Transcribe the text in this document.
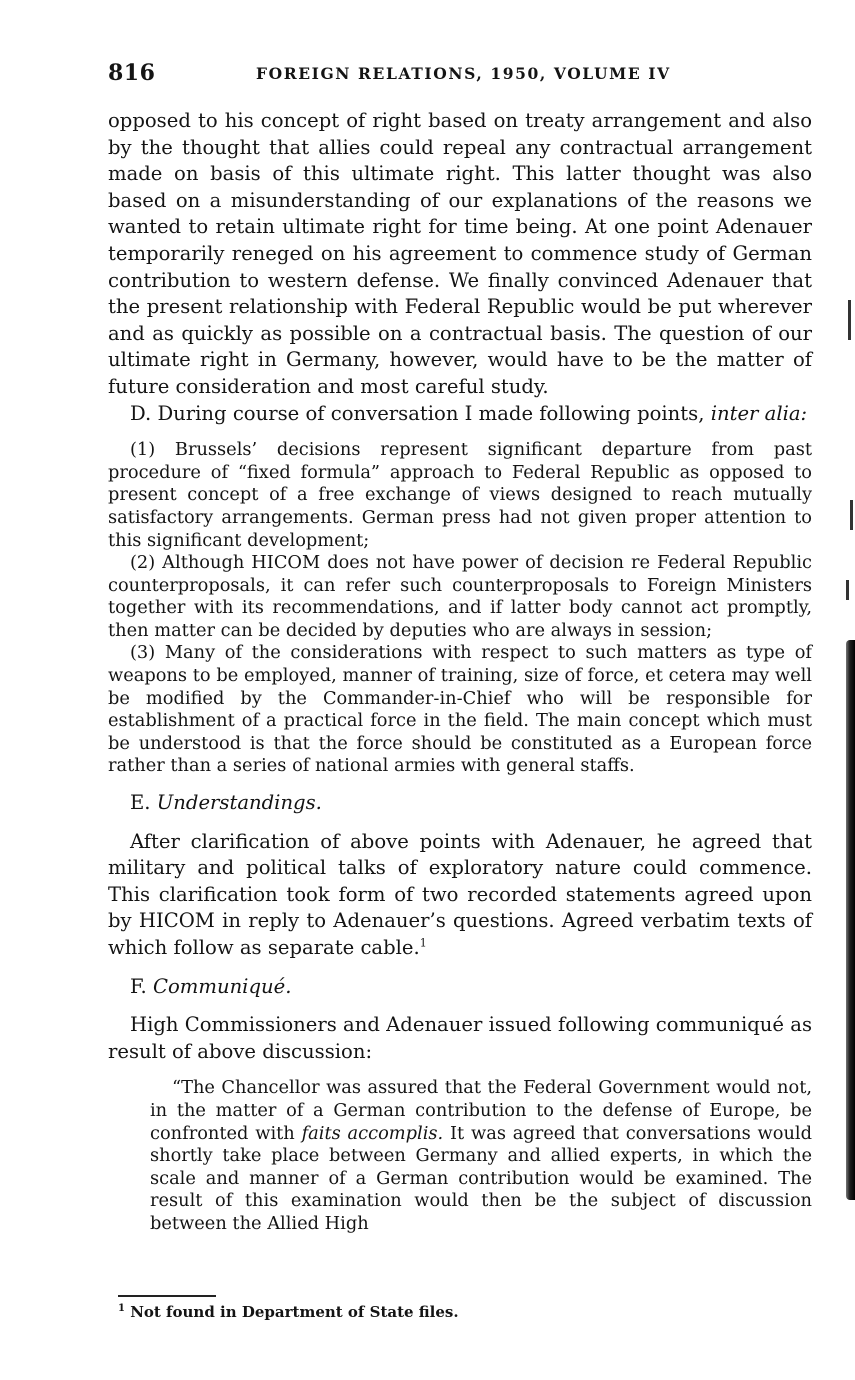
816	FOREIGN RELATIONS, 1950, VOLUME IV

opposed to his concept of right based on treaty arrangement and also by the thought that allies could repeal any contractual arrangement made on basis of this ultimate right. This latter thought was also based on a misunderstanding of our explanations of the reasons we wanted to retain ultimate right for time being. At one point Adenauer temporarily reneged on his agreement to commence study of German contribution to western defense. We finally convinced Adenauer that the present relationship with Federal Republic would be put wherever and as quickly as possible on a contractual basis. The question of our ultimate right in Germany, however, would have to be the matter of future consideration and most careful study.

D. During course of conversation I made following points, inter alia:

(1) Brussels’ decisions represent significant departure from past procedure of “fixed formula” approach to Federal Republic as opposed to present concept of a free exchange of views designed to reach mutually satisfactory arrangements. German press had not given proper attention to this significant development;

(2) Although HICOM does not have power of decision re Federal Republic counterproposals, it can refer such counterproposals to Foreign Ministers together with its recommendations, and if latter body cannot act promptly, then matter can be decided by deputies who are always in session;

(3) Many of the considerations with respect to such matters as type of weapons to be employed, manner of training, size of force, et cetera may well be modified by the Commander-in-Chief who will be responsible for establishment of a practical force in the field. The main concept which must be understood is that the force should be constituted as a European force rather than a series of national armies with general staffs.

E. Understandings.

After clarification of above points with Adenauer, he agreed that military and political talks of exploratory nature could commence. This clarification took form of two recorded statements agreed upon by HICOM in reply to Adenauer’s questions. Agreed verbatim texts of which follow as separate cable.$^1$

F. Communiqué.

High Commissioners and Adenauer issued following communiqué as result of above discussion:

“The Chancellor was assured that the Federal Government would not, in the matter of a German contribution to the defense of Europe, be confronted with faits accomplis. It was agreed that conversations would shortly take place between Germany and allied experts, in which the scale and manner of a German contribution would be examined. The result of this examination would then be the subject of discussion between the Allied High

$^1$ Not found in Department of State files.
